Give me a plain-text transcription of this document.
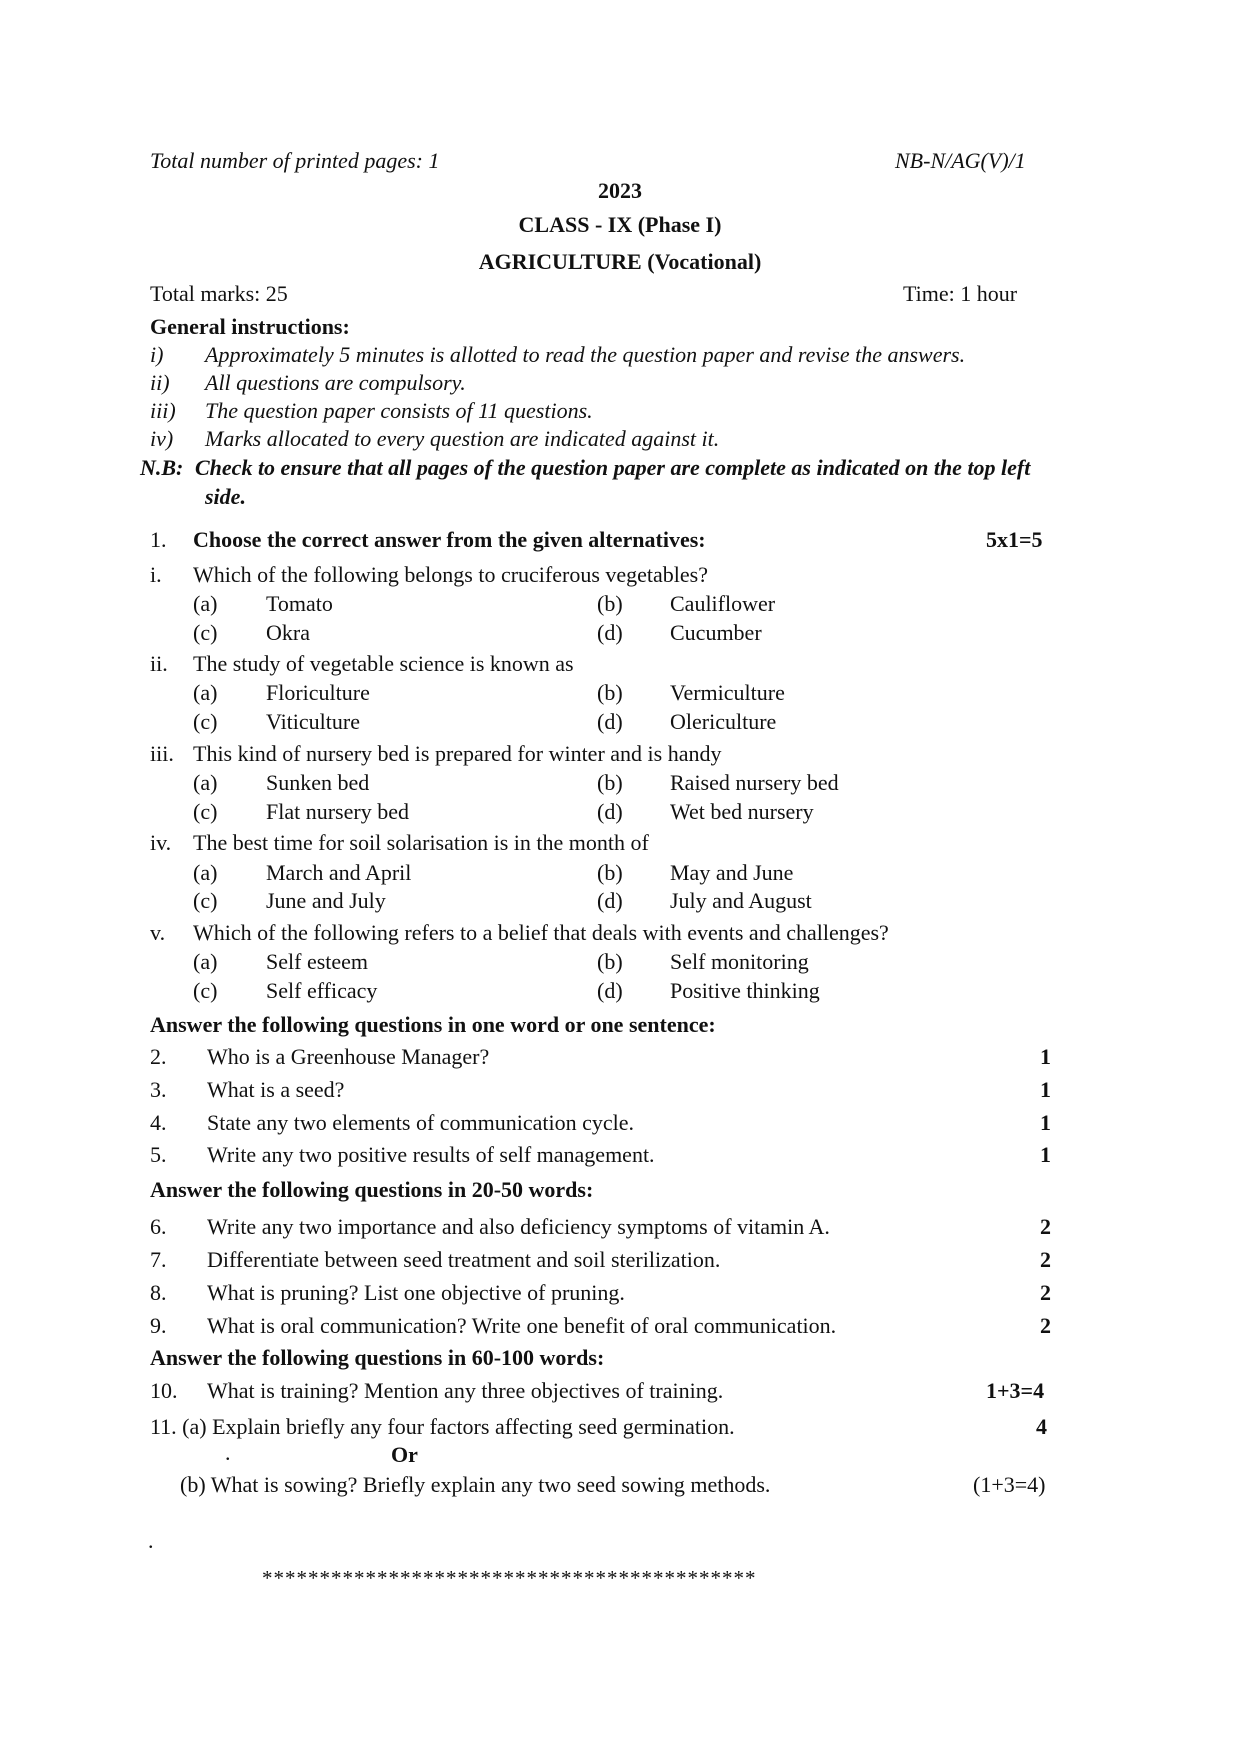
Total number of printed pages: 1	NB-N/AG(V)/1
2023
CLASS - IX (Phase I)
AGRICULTURE (Vocational)
Total marks: 25	Time: 1 hour
General instructions:
i) Approximately 5 minutes is allotted to read the question paper and revise the answers.
ii) All questions are compulsory.
iii) The question paper consists of 11 questions.
iv) Marks allocated to every question are indicated against it.
N.B: Check to ensure that all pages of the question paper are complete as indicated on the top left
side.
1. Choose the correct answer from the given alternatives:	5x1=5
i. Which of the following belongs to cruciferous vegetables?
(a) Tomato	(b) Cauliflower
(c) Okra	(d) Cucumber
ii. The study of vegetable science is known as
(a) Floriculture	(b) Vermiculture
(c) Viticulture	(d) Olericulture
iii. This kind of nursery bed is prepared for winter and is handy
(a) Sunken bed	(b) Raised nursery bed
(c) Flat nursery bed	(d) Wet bed nursery
iv. The best time for soil solarisation is in the month of
(a) March and April	(b) May and June
(c) June and July	(d) July and August
v. Which of the following refers to a belief that deals with events and challenges?
(a) Self esteem	(b) Self monitoring
(c) Self efficacy	(d) Positive thinking
Answer the following questions in one word or one sentence:
2. Who is a Greenhouse Manager?	1
3. What is a seed?	1
4. State any two elements of communication cycle.	1
5. Write any two positive results of self management.	1
Answer the following questions in 20-50 words:
6. Write any two importance and also deficiency symptoms of vitamin A.	2
7. Differentiate between seed treatment and soil sterilization.	2
8. What is pruning? List one objective of pruning.	2
9. What is oral communication? Write one benefit of oral communication.	2
Answer the following questions in 60-100 words:
10. What is training? Mention any three objectives of training.	1+3=4
11. (a) Explain briefly any four factors affecting seed germination.	4
.	Or
(b) What is sowing? Briefly explain any two seed sowing methods.	(1+3=4)
.
*******************************************
